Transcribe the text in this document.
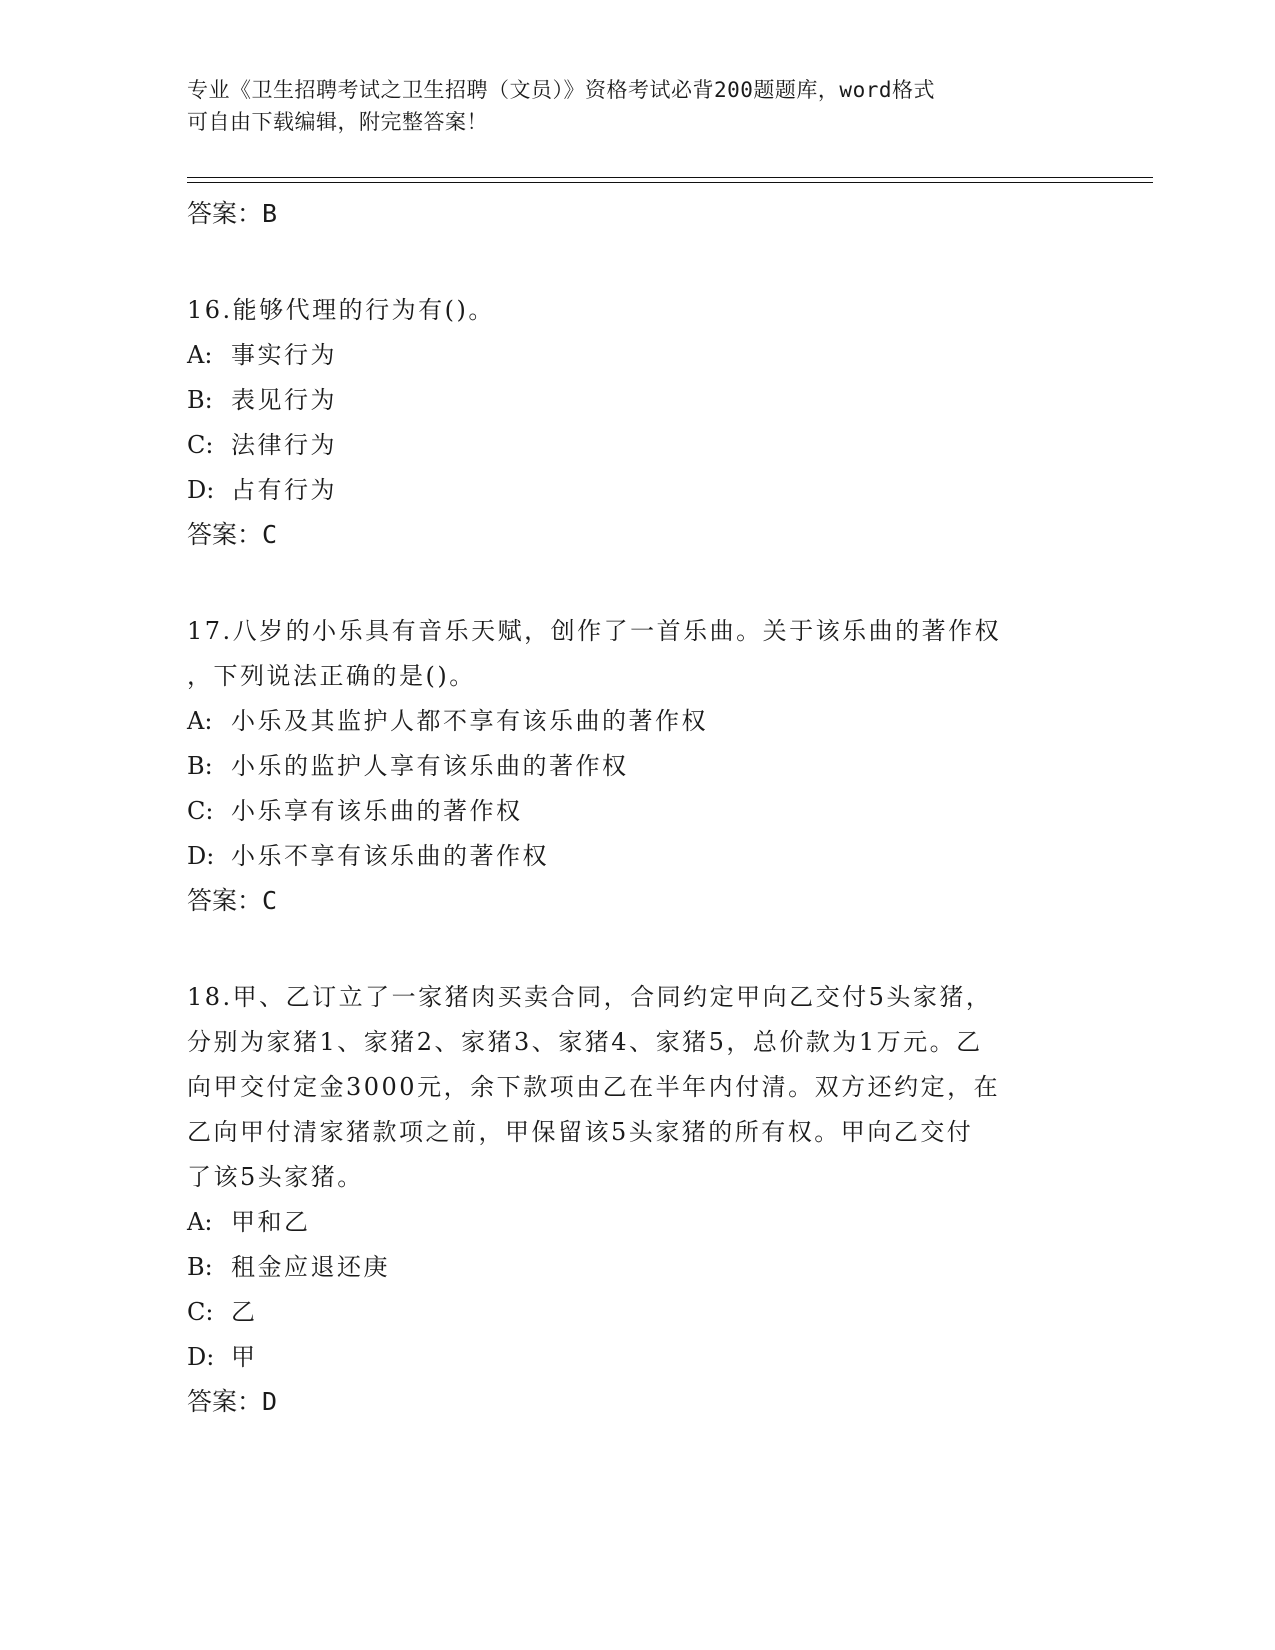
专业《卫生招聘考试之卫生招聘（文员）》资格考试必背200题题库，word格式
可自由下载编辑，附完整答案！

答案：B

16.能够代理的行为有()。

A: 事实行为

B: 表见行为

C: 法律行为

D: 占有行为

答案：C

17.八岁的小乐具有音乐天赋，创作了一首乐曲。关于该乐曲的著作权

，下列说法正确的是()。

A: 小乐及其监护人都不享有该乐曲的著作权

B: 小乐的监护人享有该乐曲的著作权

C: 小乐享有该乐曲的著作权

D: 小乐不享有该乐曲的著作权

答案：C

18.甲、乙订立了一家猪肉买卖合同，合同约定甲向乙交付5头家猪，

分别为家猪1、家猪2、家猪3、家猪4、家猪5，总价款为1万元。乙

向甲交付定金3000元，余下款项由乙在半年内付清。双方还约定，在

乙向甲付清家猪款项之前，甲保留该5头家猪的所有权。甲向乙交付

了该5头家猪。

A: 甲和乙

B: 租金应退还庚

C: 乙

D: 甲

答案：D
